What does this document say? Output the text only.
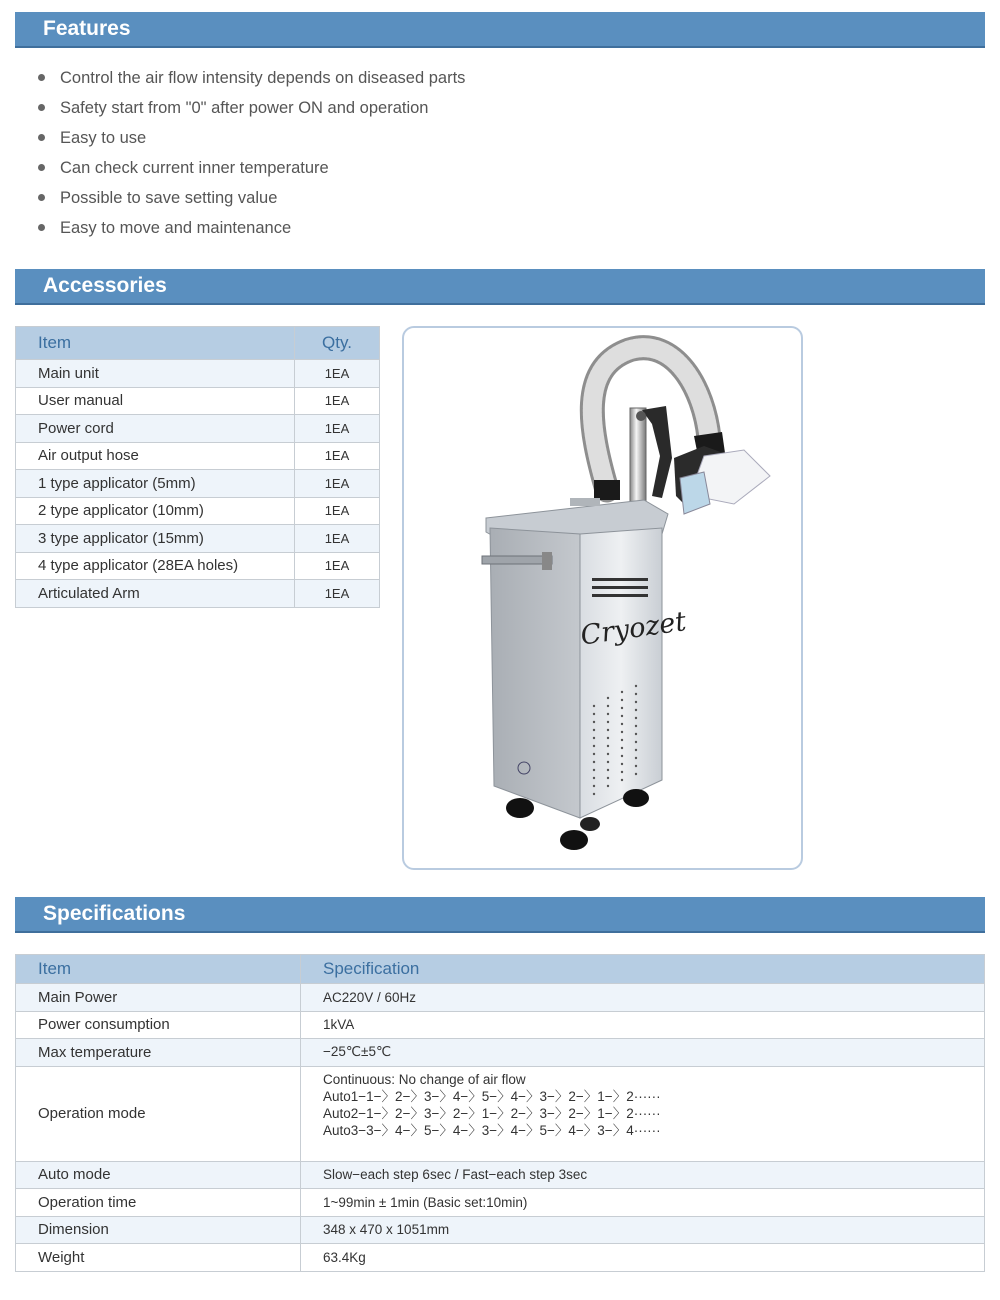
Features
Control the air flow intensity depends on diseased parts
Safety start from "0" after power ON and operation
Easy to use
Can check current inner temperature
Possible to save setting value
Easy to move and maintenance
Accessories
Item	Qty.
Main unit	1EA
User manual	1EA
Power cord	1EA
Air output hose	1EA
1 type applicator (5mm)	1EA
2 type applicator (10mm)	1EA
3 type applicator (15mm)	1EA
4 type applicator (28EA holes)	1EA
Articulated Arm	1EA
Cryozet
Specifications
Item	Specification
Main Power	AC220V / 60Hz
Power consumption	1kVA
Max temperature	−25℃±5℃
Operation mode	Continuous: No change of air flow
Auto1−1−〉2−〉3−〉4−〉5−〉4−〉3−〉2−〉1−〉2······
Auto2−1−〉2−〉3−〉2−〉1−〉2−〉3−〉2−〉1−〉2······
Auto3−3−〉4−〉5−〉4−〉3−〉4−〉5−〉4−〉3−〉4······

Auto mode	Slow−each step 6sec / Fast−each step 3sec
Operation time	1~99min ± 1min (Basic set:10min)
Dimension	348 x 470 x 1051mm
Weight	63.4Kg
